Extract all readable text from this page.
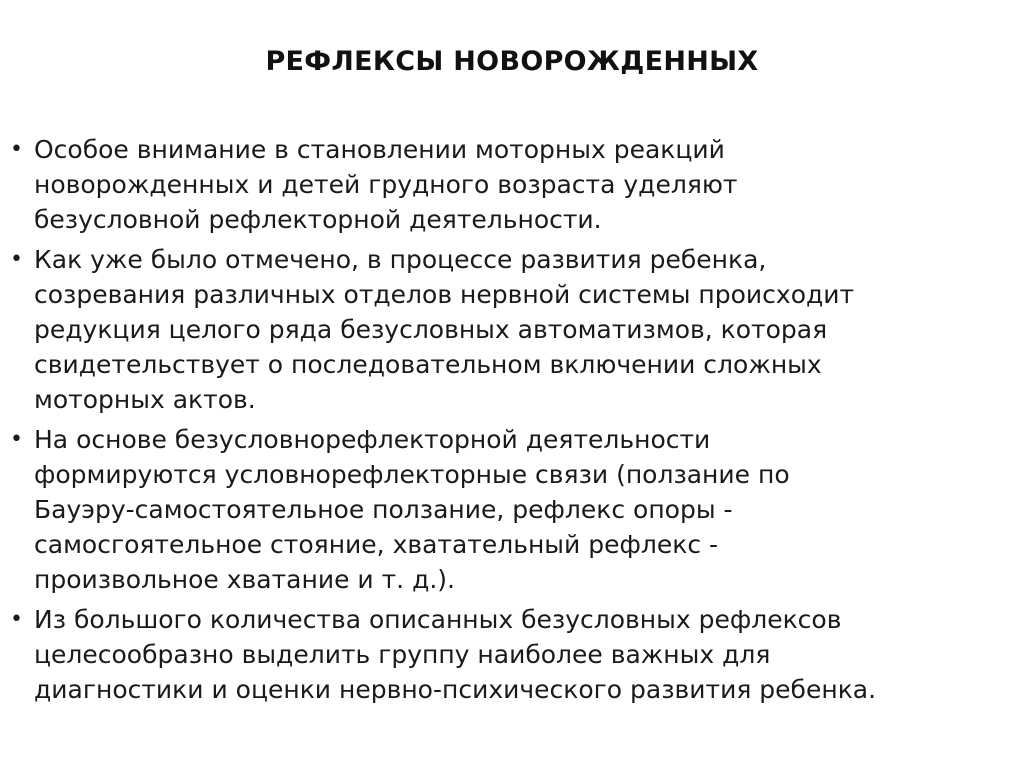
РЕФЛЕКСЫ НОВОРОЖДЕННЫХ
• Особое внимание в становлении моторных реакций
новорожденных и детей грудного возраста уделяют
безусловной рефлекторной деятельности.
• Как уже было отмечено, в процессе развития ребенка,
созревания различных отделов нервной системы происходит
редукция целого ряда безусловных автоматизмов, которая
свидетельствует о последовательном включении сложных
моторных актов.
• На основе безусловнорефлекторной деятельности
формируются условнорефлекторные связи (ползание по
Бауэру-самостоятельное ползание, рефлекс опоры -
самосгоятельное стояние, хватательный рефлекс -
произвольное хватание и т. д.).
• Из большого количества описанных безусловных рефлексов
целесообразно выделить группу наиболее важных для
диагностики и оценки нервно-психического развития ребенка.
